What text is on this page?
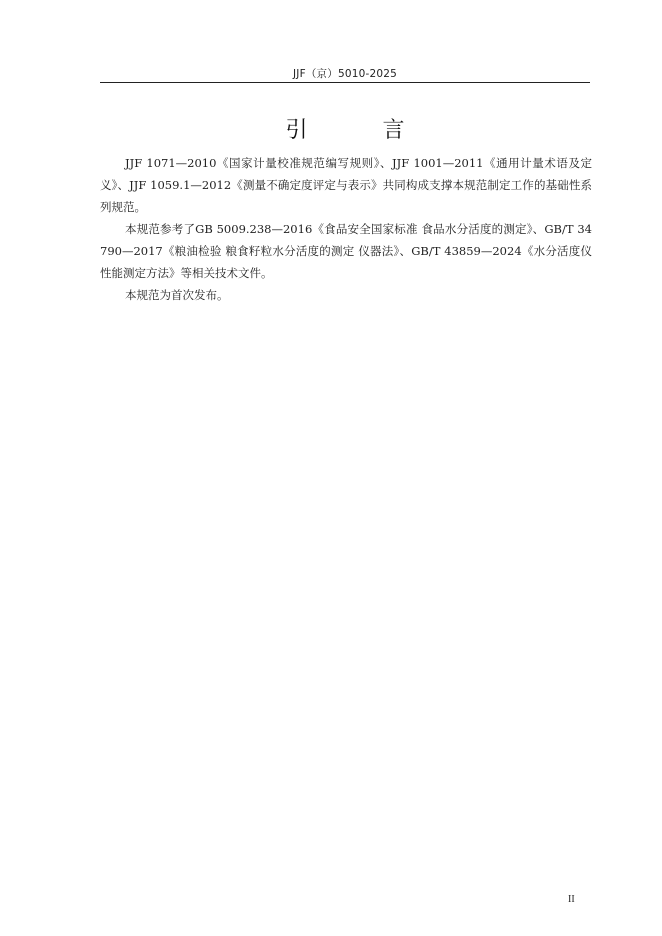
JJF（京）5010-2025
引 言

JJF 1071—2010《国家计量校准规范编写规则》、JJF 1001—2011《通用计量术语及定义》、JJF 1059.1—2012《测量不确定度评定与表示》共同构成支撑本规范制定工作的基础性系列规范。

本规范参考了GB 5009.238—2016《食品安全国家标准 食品水分活度的测定》、GB/T 34790—2017《粮油检验 粮食籽粒水分活度的测定 仪器法》、GB/T 43859—2024《水分活度仪性能测定方法》等相关技术文件。

本规范为首次发布。

II
